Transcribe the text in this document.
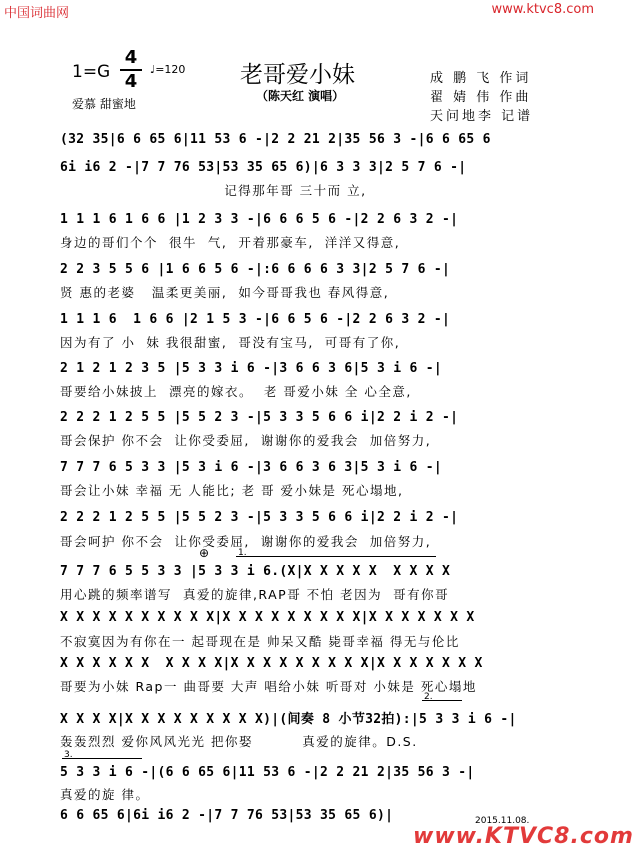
中国词曲网	www.ktvc8.com
1=G
4
4
♩=120
爱慕 甜蜜地
老哥爱小妹
（陈天红 演唱）
成 鹏 飞 作词
翟 婧 伟 作曲
天问地李 记谱
(32 35|6 6 65 6|11 53 6 -|2 2 21 2|35 56 3 -|6 6 65 6
6i i6 2 -|7 7 76 53|53 35 65 6)|6 3 3 3|2 5 7 6 -|
记得那年哥 三十而 立,
1 1 1 6 1 6 6 |1 2 3 3 -|6 6 6 5 6 -|2 2 6 3 2 -|
身边的哥们个个  很牛  气,  开着那豪车,  洋洋又得意,
2 2 3 5 5 6 |1 6 6 5 6 -|:6 6 6 6 3 3|2 5 7 6 -|
贤 惠的老婆   温柔更美丽,  如今哥哥我也 春风得意,
1 1 1 6  1 6 6 |2 1 5 3 -|6 6 5 6 -|2 2 6 3 2 -|
因为有了 小  妹 我很甜蜜,  哥没有宝马,  可哥有了你,
2 1 2 1 2 3 5 |5 3 3 i 6 -|3 6 6 3 6|5 3 i 6 -|
哥要给小妹披上  漂亮的嫁衣。  老 哥爱小妹 全 心全意,
2 2 2 1 2 5 5 |5 5 2 3 -|5 3 3 5 6 6 i|2 2 i 2 -|
哥会保护 你不会  让你受委屈,  谢谢你的爱我会  加倍努力,
7 7 7 6 5 3 3 |5 3 i 6 -|3 6 6 3 6 3|5 3 i 6 -|
哥会让小妹 幸福 无 人能比; 老 哥 爱小妹是 死心塌地,
2 2 2 1 2 5 5 |5 5 2 3 -|5 3 3 5 6 6 i|2 2 i 2 -|
哥会呵护 你不会  让你受委屈,  谢谢你的爱我会  加倍努力,
7 7 7 6 5 5 3 3 |5 3 3 i 6.(X|X X X X X  X X X X
用心跳的频率谱写  真爱的旋律,RAP哥 不怕 老因为  哥有你哥
X X X X X X X X X X|X X X X X X X X X|X X X X X X X
不寂寞因为有你在一 起哥现在是 帅呆又酷 毙哥幸福 得无与伦比
X X X X X X  X X X X|X X X X X X X X X|X X X X X X X
哥要为小妹 Rap一 曲哥要 大声 唱给小妹 听哥对 小妹是 死心塌地
X X X X|X X X X X X X X X)|(间奏 8 小节32拍):|5 3 3 i 6 -|
轰轰烈烈 爱你风风光光 把你娶         真爱的旋律。D.S.
5 3 3 i 6 -|(6 6 65 6|11 53 6 -|2 2 21 2|35 56 3 -|
真爱的旋 律。
6 6 65 6|6i i6 2 -|7 7 76 53|53 35 65 6)|
⊕	1.
2.
3.
2015.11.08.
www.KTVC8.com
